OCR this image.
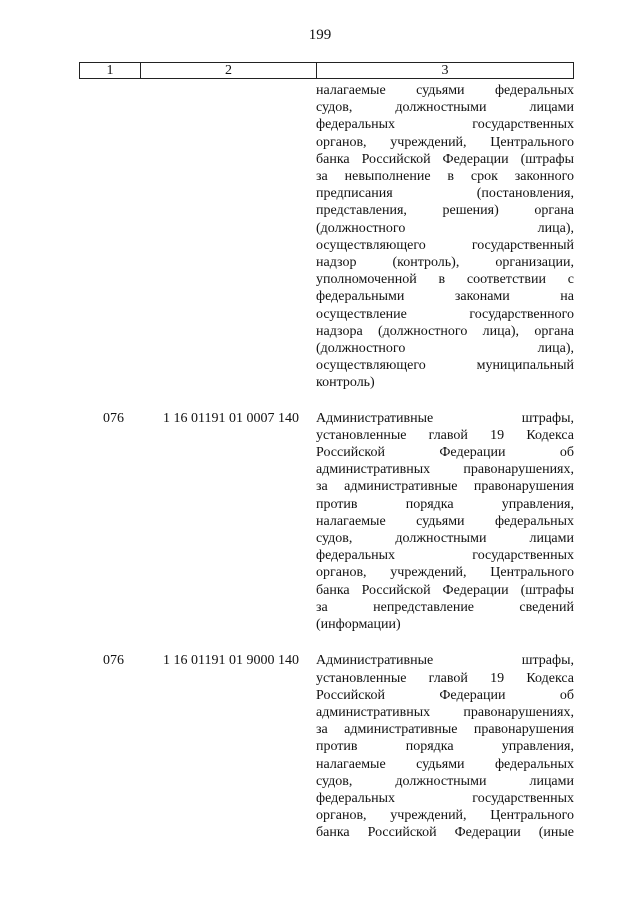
199
1	2	3
налагаемые судьями федеральных
судов, должностными лицами
федеральных государственных
органов, учреждений, Центрального
банка Российской Федерации (штрафы
за невыполнение в срок законного
предписания (постановления,
представления, решения) органа
(должностного лица),
осуществляющего государственный
надзор (контроль), организации,
уполномоченной в соответствии с
федеральными законами на
осуществление государственного
надзора (должностного лица), органа
(должностного лица),
осуществляющего муниципальный
контроль)
076	1 16 01191 01 0007 140	Административные штрафы,
установленные главой 19 Кодекса
Российской Федерации об
административных правонарушениях,
за административные правонарушения
против порядка управления,
налагаемые судьями федеральных
судов, должностными лицами
федеральных государственных
органов, учреждений, Центрального
банка Российской Федерации (штрафы
за непредставление сведений
(информации)
076	1 16 01191 01 9000 140	Административные штрафы,
установленные главой 19 Кодекса
Российской Федерации об
административных правонарушениях,
за административные правонарушения
против порядка управления,
налагаемые судьями федеральных
судов, должностными лицами
федеральных государственных
органов, учреждений, Центрального
банка Российской Федерации (иные
